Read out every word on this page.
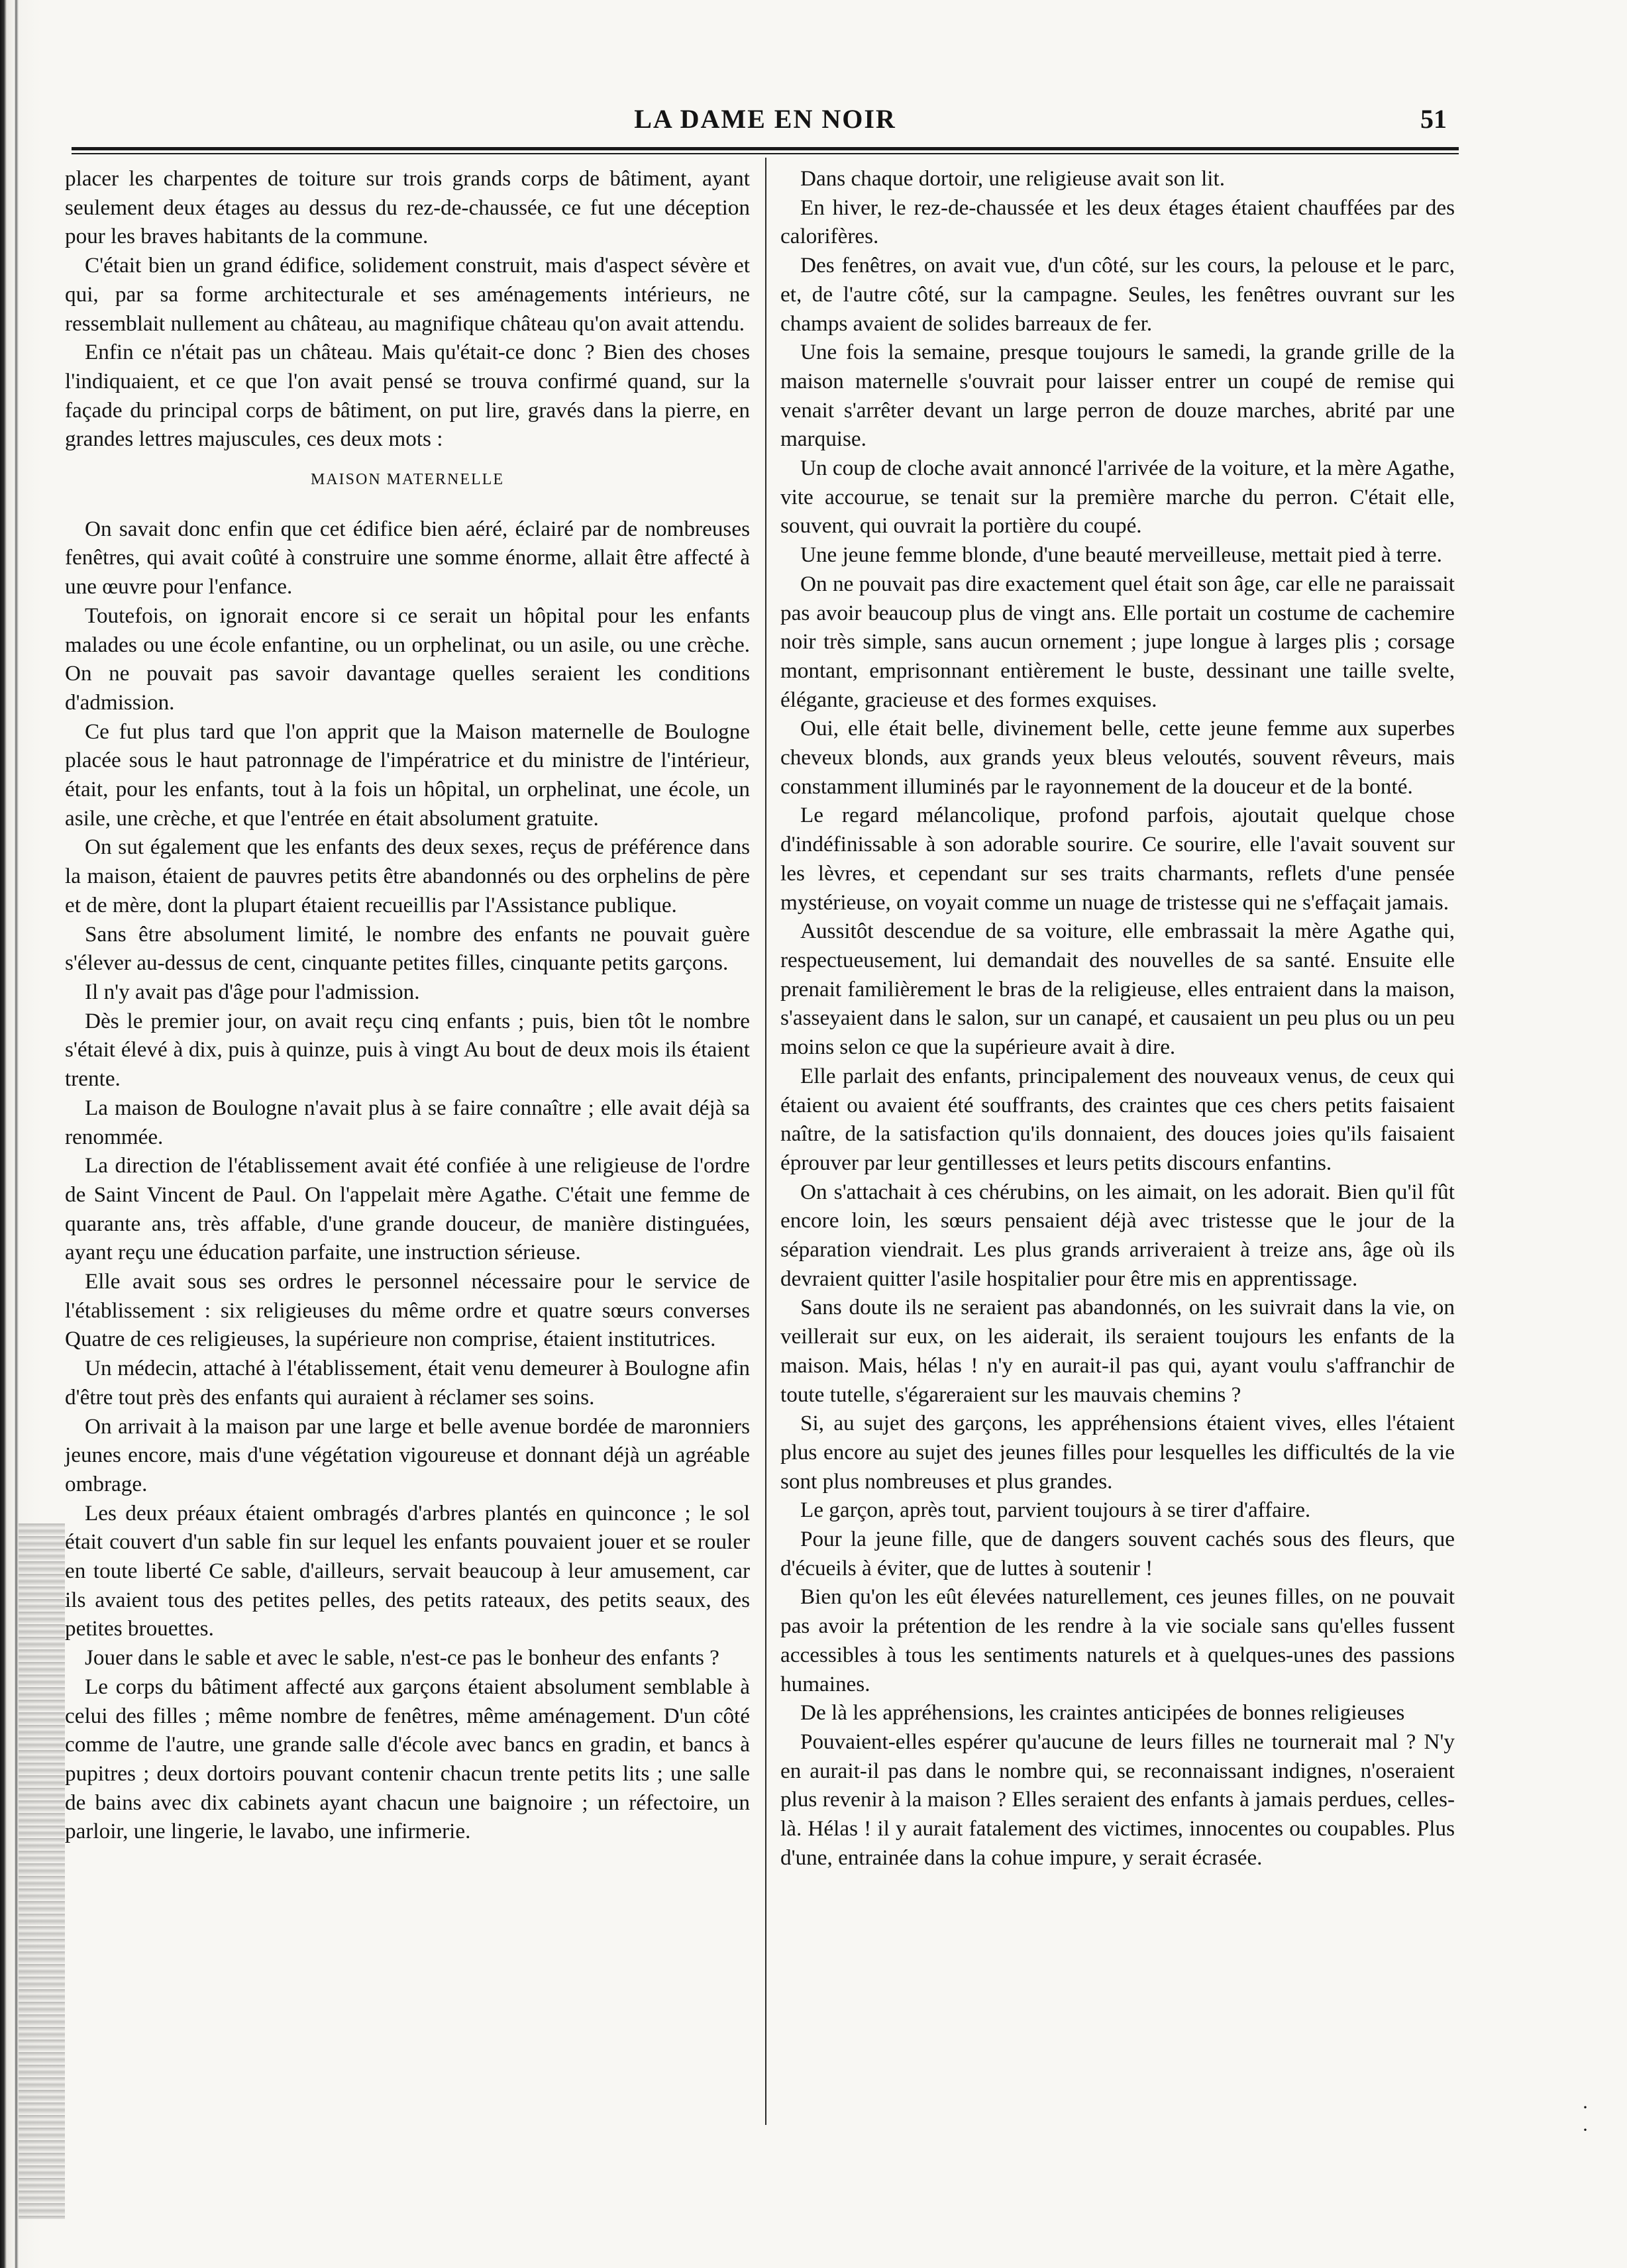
LA DAME EN NOIR	51

placer les charpentes de toiture sur trois grands corps de bâtiment, ayant seulement deux étages au dessus du rez-de-chaussée, ce fut une déception pour les braves habitants de la commune.

C'était bien un grand édifice, solidement construit, mais d'aspect sévère et qui, par sa forme architecturale et ses aménagements intérieurs, ne ressemblait nullement au château, au magnifique château qu'on avait attendu.

Enfin ce n'était pas un château. Mais qu'était-ce donc ? Bien des choses l'indiquaient, et ce que l'on avait pensé se trouva confirmé quand, sur la façade du principal corps de bâtiment, on put lire, gravés dans la pierre, en grandes lettres majuscules, ces deux mots :

MAISON MATERNELLE

On savait donc enfin que cet édifice bien aéré, éclairé par de nombreuses fenêtres, qui avait coûté à construire une somme énorme, allait être affecté à une œuvre pour l'enfance.

Toutefois, on ignorait encore si ce serait un hôpital pour les enfants malades ou une école enfantine, ou un orphelinat, ou un asile, ou une crèche. On ne pouvait pas savoir davantage quelles seraient les conditions d'admission.

Ce fut plus tard que l'on apprit que la Maison maternelle de Boulogne placée sous le haut patronnage de l'impératrice et du ministre de l'intérieur, était, pour les enfants, tout à la fois un hôpital, un orphelinat, une école, un asile, une crèche, et que l'entrée en était absolument gratuite.

On sut également que les enfants des deux sexes, reçus de préférence dans la maison, étaient de pauvres petits être abandonnés ou des orphelins de père et de mère, dont la plupart étaient recueillis par l'Assistance publique.

Sans être absolument limité, le nombre des enfants ne pouvait guère s'élever au-dessus de cent, cinquante petites filles, cinquante petits garçons.

Il n'y avait pas d'âge pour l'admission.

Dès le premier jour, on avait reçu cinq enfants ; puis, bien tôt le nombre s'était élevé à dix, puis à quinze, puis à vingt Au bout de deux mois ils étaient trente.

La maison de Boulogne n'avait plus à se faire connaître ; elle avait déjà sa renommée.

La direction de l'établissement avait été confiée à une religieuse de l'ordre de Saint Vincent de Paul. On l'appelait mère Agathe. C'était une femme de quarante ans, très affable, d'une grande douceur, de manière distinguées, ayant reçu une éducation parfaite, une instruction sérieuse.

Elle avait sous ses ordres le personnel nécessaire pour le service de l'établissement : six religieuses du même ordre et quatre sœurs converses Quatre de ces religieuses, la supérieure non comprise, étaient institutrices.

Un médecin, attaché à l'établissement, était venu demeurer à Boulogne afin d'être tout près des enfants qui auraient à réclamer ses soins.

On arrivait à la maison par une large et belle avenue bordée de maronniers jeunes encore, mais d'une végétation vigoureuse et donnant déjà un agréable ombrage.

Les deux préaux étaient ombragés d'arbres plantés en quinconce ; le sol était couvert d'un sable fin sur lequel les enfants pouvaient jouer et se rouler en toute liberté Ce sable, d'ailleurs, servait beaucoup à leur amusement, car ils avaient tous des petites pelles, des petits rateaux, des petits seaux, des petites brouettes.

Jouer dans le sable et avec le sable, n'est-ce pas le bonheur des enfants ?

Le corps du bâtiment affecté aux garçons étaient absolument semblable à celui des filles ; même nombre de fenêtres, même aménagement. D'un côté comme de l'autre, une grande salle d'école avec bancs en gradin, et bancs à pupitres ; deux dortoirs pouvant contenir chacun trente petits lits ; une salle de bains avec dix cabinets ayant chacun une baignoire ; un réfectoire, un parloir, une lingerie, le lavabo, une infirmerie.

Dans chaque dortoir, une religieuse avait son lit.

En hiver, le rez-de-chaussée et les deux étages étaient chauffées par des calorifères.

Des fenêtres, on avait vue, d'un côté, sur les cours, la pelouse et le parc, et, de l'autre côté, sur la campagne. Seules, les fenêtres ouvrant sur les champs avaient de solides barreaux de fer.

Une fois la semaine, presque toujours le samedi, la grande grille de la maison maternelle s'ouvrait pour laisser entrer un coupé de remise qui venait s'arrêter devant un large perron de douze marches, abrité par une marquise.

Un coup de cloche avait annoncé l'arrivée de la voiture, et la mère Agathe, vite accourue, se tenait sur la première marche du perron. C'était elle, souvent, qui ouvrait la portière du coupé.

Une jeune femme blonde, d'une beauté merveilleuse, mettait pied à terre.

On ne pouvait pas dire exactement quel était son âge, car elle ne paraissait pas avoir beaucoup plus de vingt ans. Elle portait un costume de cachemire noir très simple, sans aucun ornement ; jupe longue à larges plis ; corsage montant, emprisonnant entièrement le buste, dessinant une taille svelte, élégante, gracieuse et des formes exquises.

Oui, elle était belle, divinement belle, cette jeune femme aux superbes cheveux blonds, aux grands yeux bleus veloutés, souvent rêveurs, mais constamment illuminés par le rayonnement de la douceur et de la bonté.

Le regard mélancolique, profond parfois, ajoutait quelque chose d'indéfinissable à son adorable sourire. Ce sourire, elle l'avait souvent sur les lèvres, et cependant sur ses traits charmants, reflets d'une pensée mystérieuse, on voyait comme un nuage de tristesse qui ne s'effaçait jamais.

Aussitôt descendue de sa voiture, elle embrassait la mère Agathe qui, respectueusement, lui demandait des nouvelles de sa santé. Ensuite elle prenait familièrement le bras de la religieuse, elles entraient dans la maison, s'asseyaient dans le salon, sur un canapé, et causaient un peu plus ou un peu moins selon ce que la supérieure avait à dire.

Elle parlait des enfants, principalement des nouveaux venus, de ceux qui étaient ou avaient été souffrants, des craintes que ces chers petits faisaient naître, de la satisfaction qu'ils donnaient, des douces joies qu'ils faisaient éprouver par leur gentillesses et leurs petits discours enfantins.

On s'attachait à ces chérubins, on les aimait, on les adorait. Bien qu'il fût encore loin, les sœurs pensaient déjà avec tristesse que le jour de la séparation viendrait. Les plus grands arriveraient à treize ans, âge où ils devraient quitter l'asile hospitalier pour être mis en apprentissage.

Sans doute ils ne seraient pas abandonnés, on les suivrait dans la vie, on veillerait sur eux, on les aiderait, ils seraient toujours les enfants de la maison. Mais, hélas ! n'y en aurait-il pas qui, ayant voulu s'affranchir de toute tutelle, s'égareraient sur les mauvais chemins ?

Si, au sujet des garçons, les appréhensions étaient vives, elles l'étaient plus encore au sujet des jeunes filles pour lesquelles les difficultés de la vie sont plus nombreuses et plus grandes.

Le garçon, après tout, parvient toujours à se tirer d'affaire.

Pour la jeune fille, que de dangers souvent cachés sous des fleurs, que d'écueils à éviter, que de luttes à soutenir !

Bien qu'on les eût élevées naturellement, ces jeunes filles, on ne pouvait pas avoir la prétention de les rendre à la vie sociale sans qu'elles fussent accessibles à tous les sentiments naturels et à quelques-unes des passions humaines.

De là les appréhensions, les craintes anticipées de bonnes religieuses

Pouvaient-elles espérer qu'aucune de leurs filles ne tournerait mal ? N'y en aurait-il pas dans le nombre qui, se reconnaissant indignes, n'oseraient plus revenir à la maison ? Elles seraient des enfants à jamais perdues, celles-là. Hélas ! il y aurait fatalement des victimes, innocentes ou coupables. Plus d'une, entrainée dans la cohue impure, y serait écrasée.

· ·
